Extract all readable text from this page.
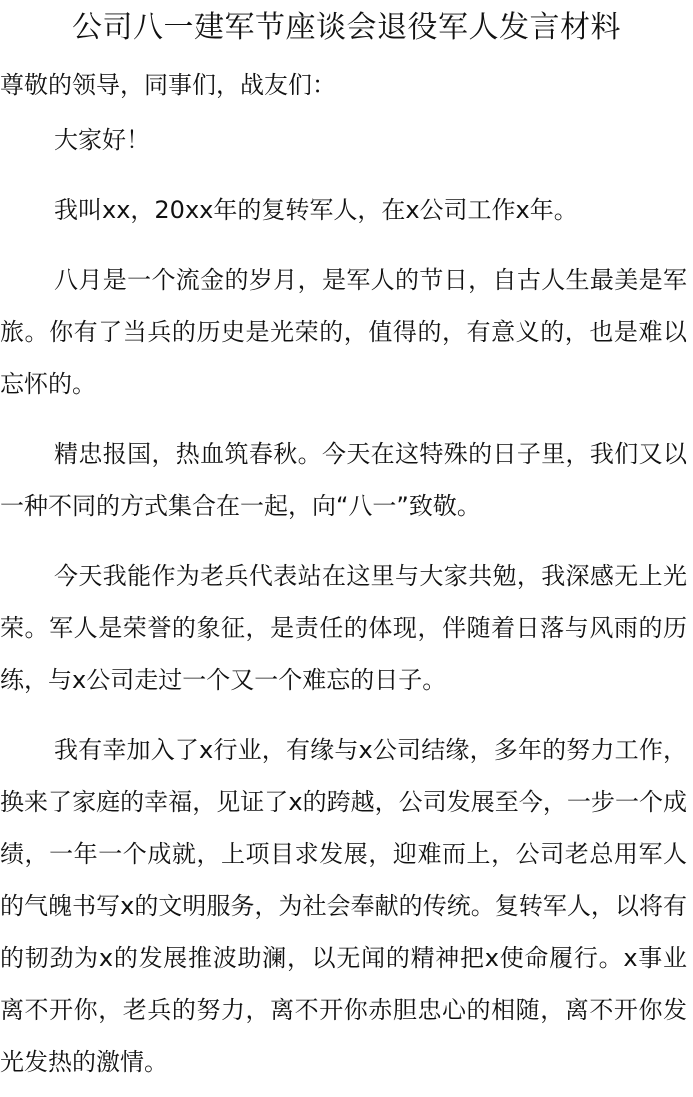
公司八一建军节座谈会退役军人发言材料

尊敬的领导，同事们，战友们：

大家好！

我叫xx，20xx年的复转军人，在x公司工作x年。

八月是一个流金的岁月，是军人的节日，自古人生最美是军旅。你有了当兵的历史是光荣的，值得的，有意义的，也是难以忘怀的。

精忠报国，热血筑春秋。今天在这特殊的日子里，我们又以一种不同的方式集合在一起，向“八一”致敬。

今天我能作为老兵代表站在这里与大家共勉，我深感无上光荣。军人是荣誉的象征，是责任的体现，伴随着日落与风雨的历练，与x公司走过一个又一个难忘的日子。

我有幸加入了x行业，有缘与x公司结缘，多年的努力工作，换来了家庭的幸福，见证了x的跨越，公司发展至今，一步一个成绩，一年一个成就，上项目求发展，迎难而上，公司老总用军人的气魄书写x的文明服务，为社会奉献的传统。复转军人，以将有的韧劲为x的发展推波助澜，以无闻的精神把x使命履行。x事业离不开你，老兵的努力，离不开你赤胆忠心的相随，离不开你发光发热的激情。
